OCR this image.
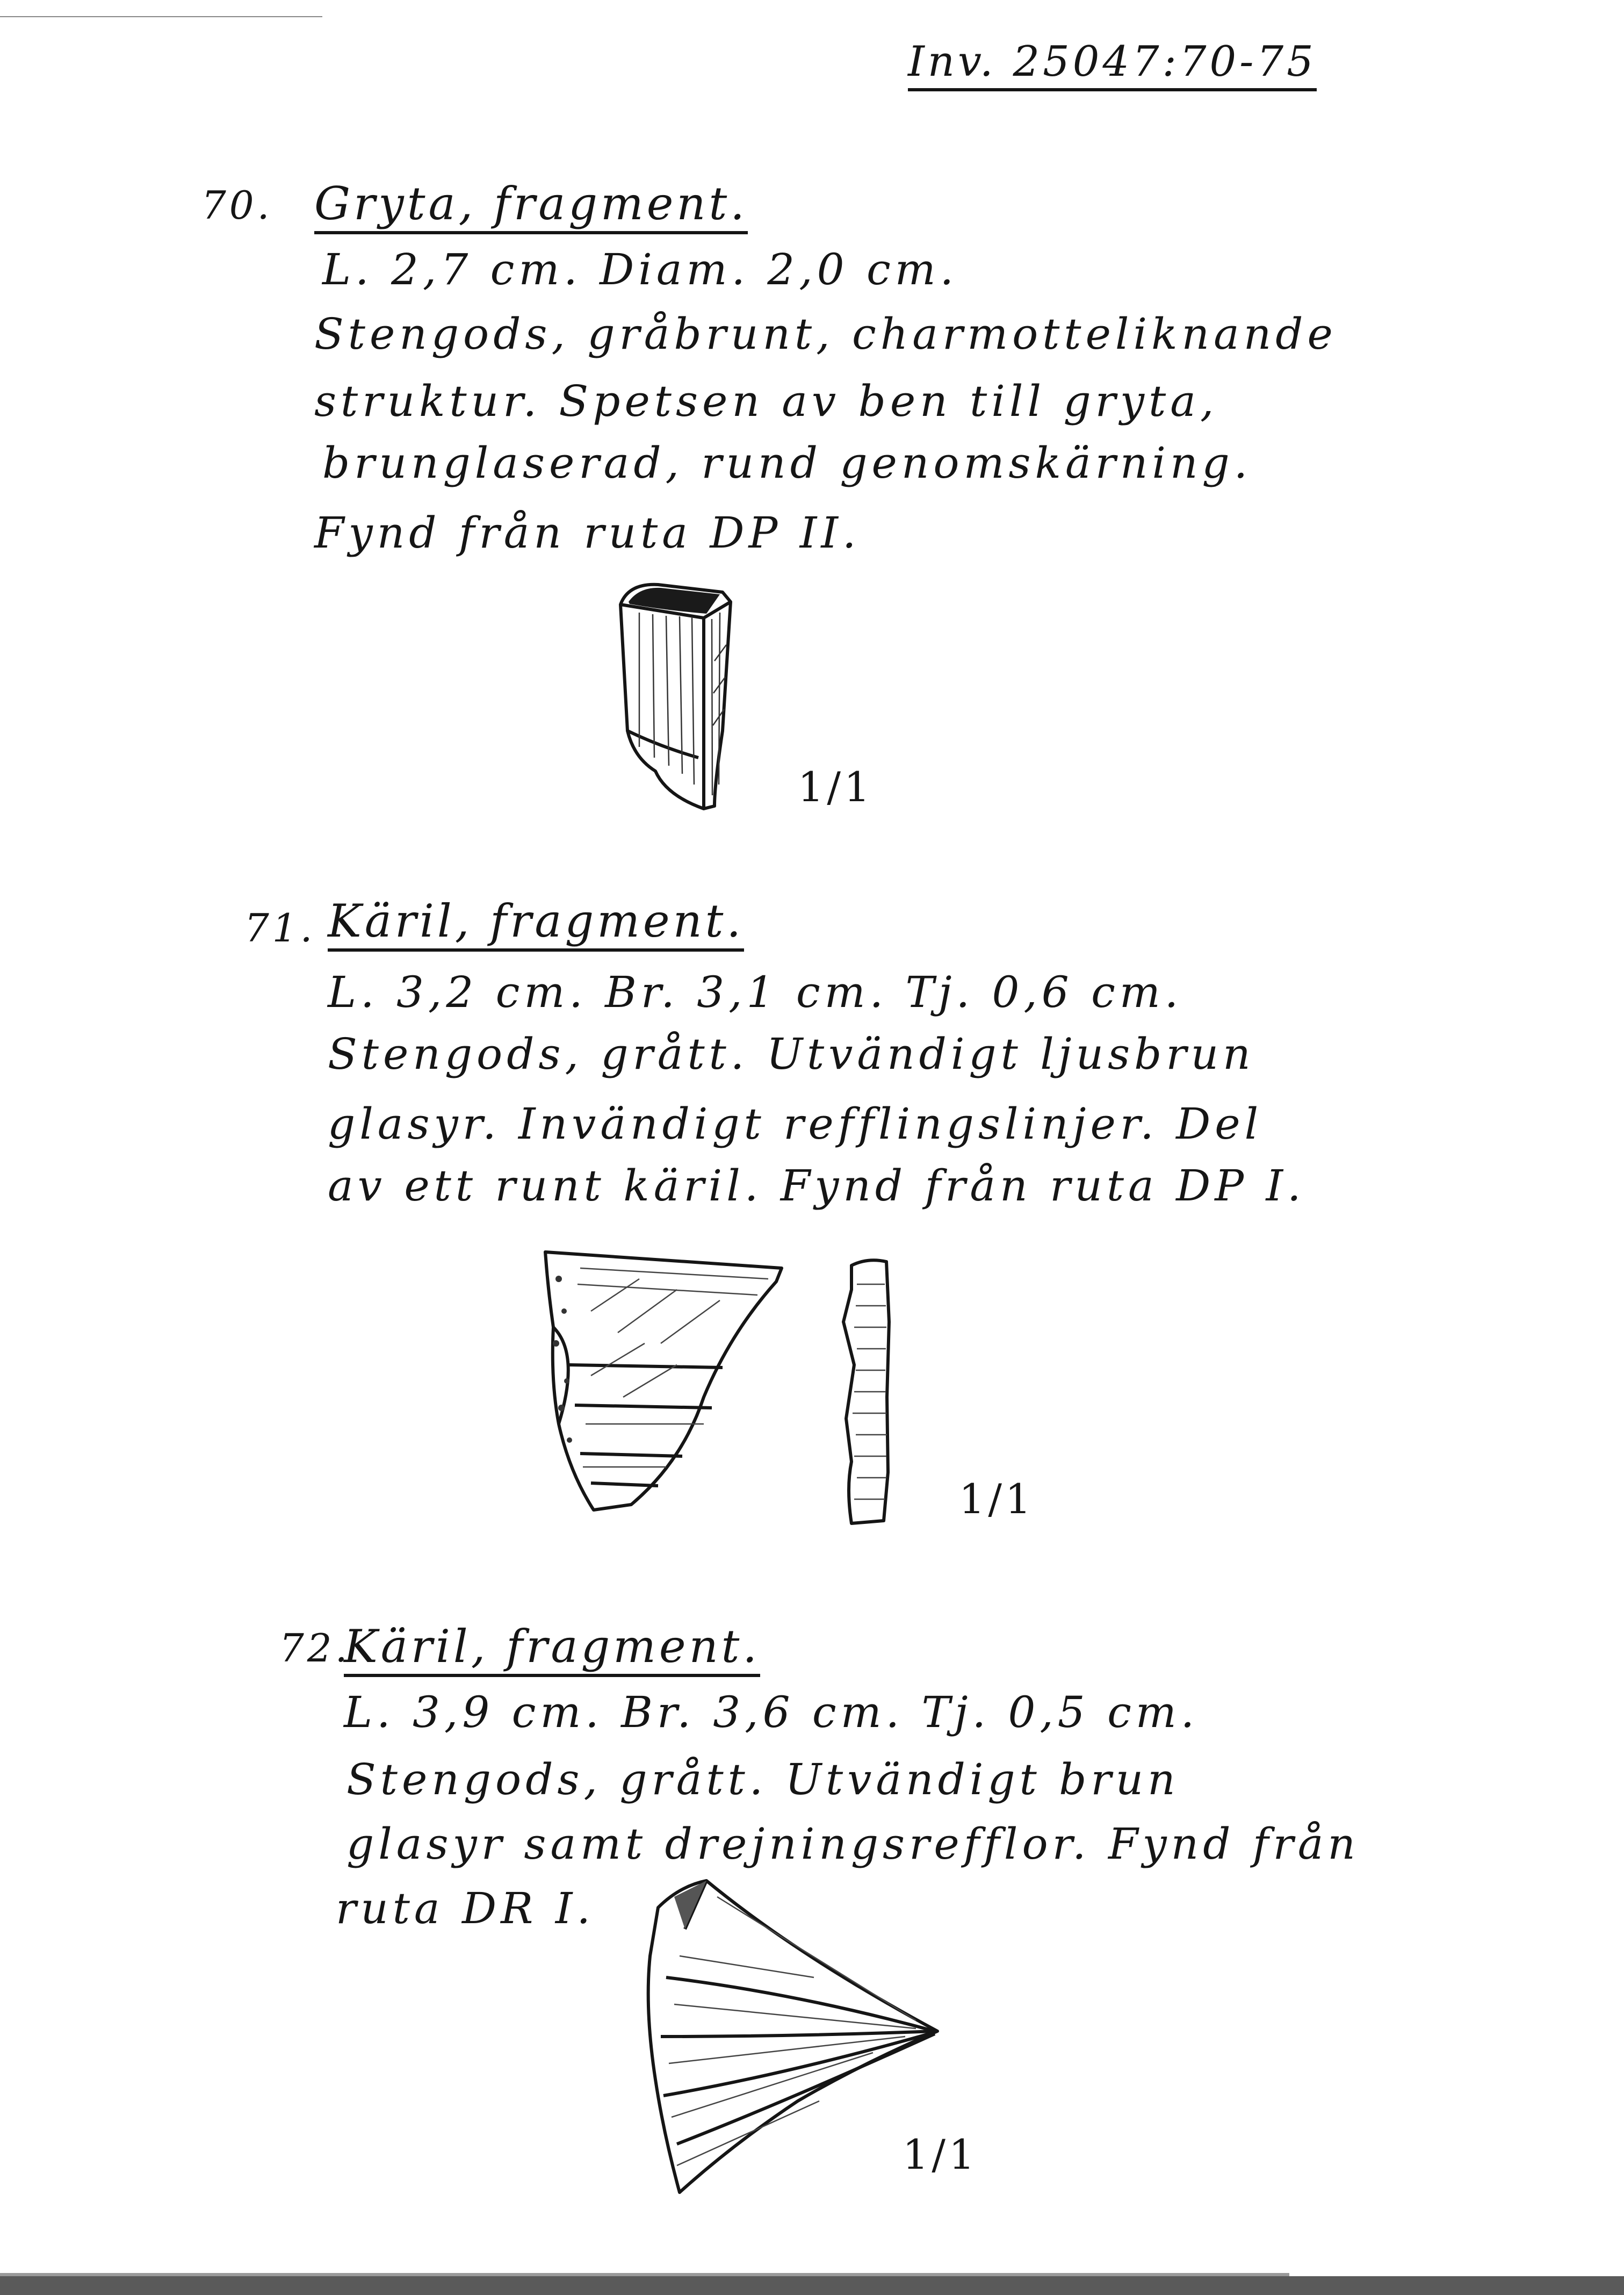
Inv. 25047:70-75
70. Gryta, fragment.
L. 2,7 cm. Diam. 2,0 cm.
Stengods, gråbrunt, charmotteliknande
struktur. Spetsen av ben till gryta,
brunglaserad, rund genomskärning.
Fynd från ruta DP II.
1/1
71. Käril, fragment.
L. 3,2 cm. Br. 3,1 cm. Tj. 0,6 cm.
Stengods, grått. Utvändigt ljusbrun
glasyr. Invändigt refflingslinjer. Del
av ett runt käril. Fynd från ruta DP I.
1/1
72.
Käril, fragment.
L. 3,9 cm. Br. 3,6 cm. Tj. 0,5 cm.
Stengods, grått. Utvändigt brun
glasyr samt drejningsrefflor. Fynd från
ruta DR I.
1/1
